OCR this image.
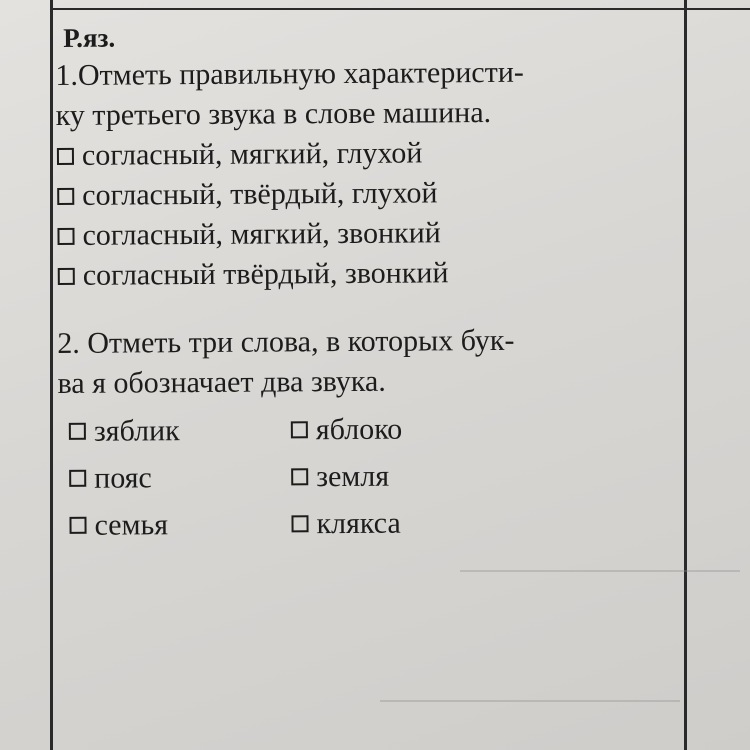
Р.яз.

1.Отметь правильную характеристи-

ку третьего звука в слове машина.

согласный, мягкий, глухой
согласный, твёрдый, глухой
согласный, мягкий, звонкий
согласный твёрдый, звонкий

2. Отметь три слова, в которых бук-

ва я обозначает два звука.

зяблик	яблоко
пояс	земля
семья	клякса
